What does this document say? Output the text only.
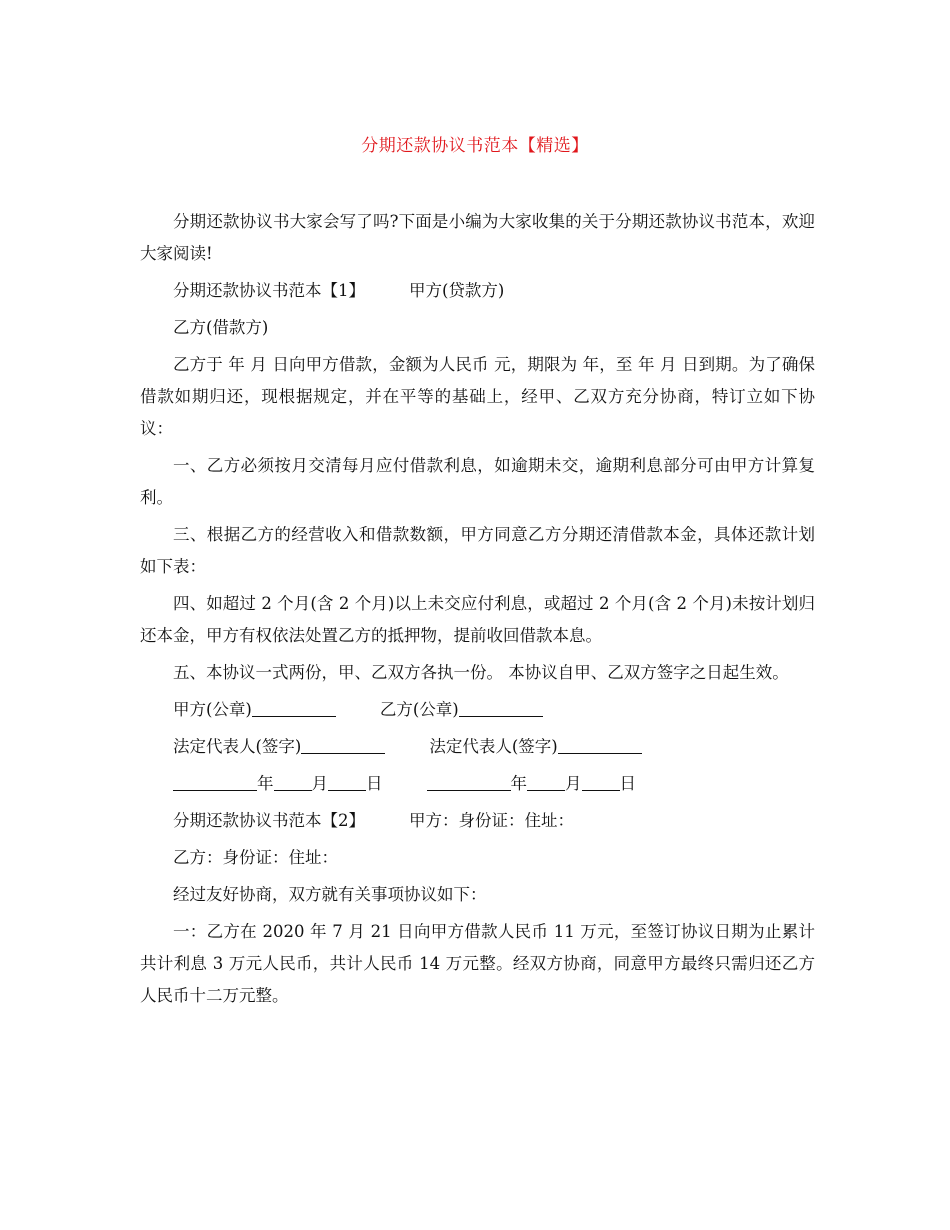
分期还款协议书范本【精选】

分期还款协议书大家会写了吗?下面是小编为大家收集的关于分期还款协议书范本，欢迎大家阅读!

分期还款协议书范本【1】	甲方(贷款方)

乙方(借款方)

乙方于 年 月 日向甲方借款，金额为人民币 元，期限为 年，至 年 月 日到期。为了确保借款如期归还，现根据规定，并在平等的基础上，经甲、乙双方充分协商，特订立如下协议：

一、乙方必须按月交清每月应付借款利息，如逾期未交，逾期利息部分可由甲方计算复利。

三、根据乙方的经营收入和借款数额，甲方同意乙方分期还清借款本金，具体还款计划如下表：

四、如超过 2 个月(含 2 个月)以上未交应付利息，或超过 2 个月(含 2 个月)未按计划归还本金，甲方有权依法处置乙方的抵押物，提前收回借款本息。

五、本协议一式两份，甲、乙双方各执一份。 本协议自甲、乙双方签字之日起生效。

甲方(公章)	乙方(公章)

法定代表人(签字)	法定代表人(签字)

年 月 日	年 月 日

分期还款协议书范本【2】	甲方：身份证：住址：

乙方：身份证：住址：

经过友好协商，双方就有关事项协议如下：

一：乙方在 2020 年 7 月 21 日向甲方借款人民币 11 万元，至签订协议日期为止累计共计利息 3 万元人民币，共计人民币 14 万元整。经双方协商，同意甲方最终只需归还乙方人民币十二万元整。
